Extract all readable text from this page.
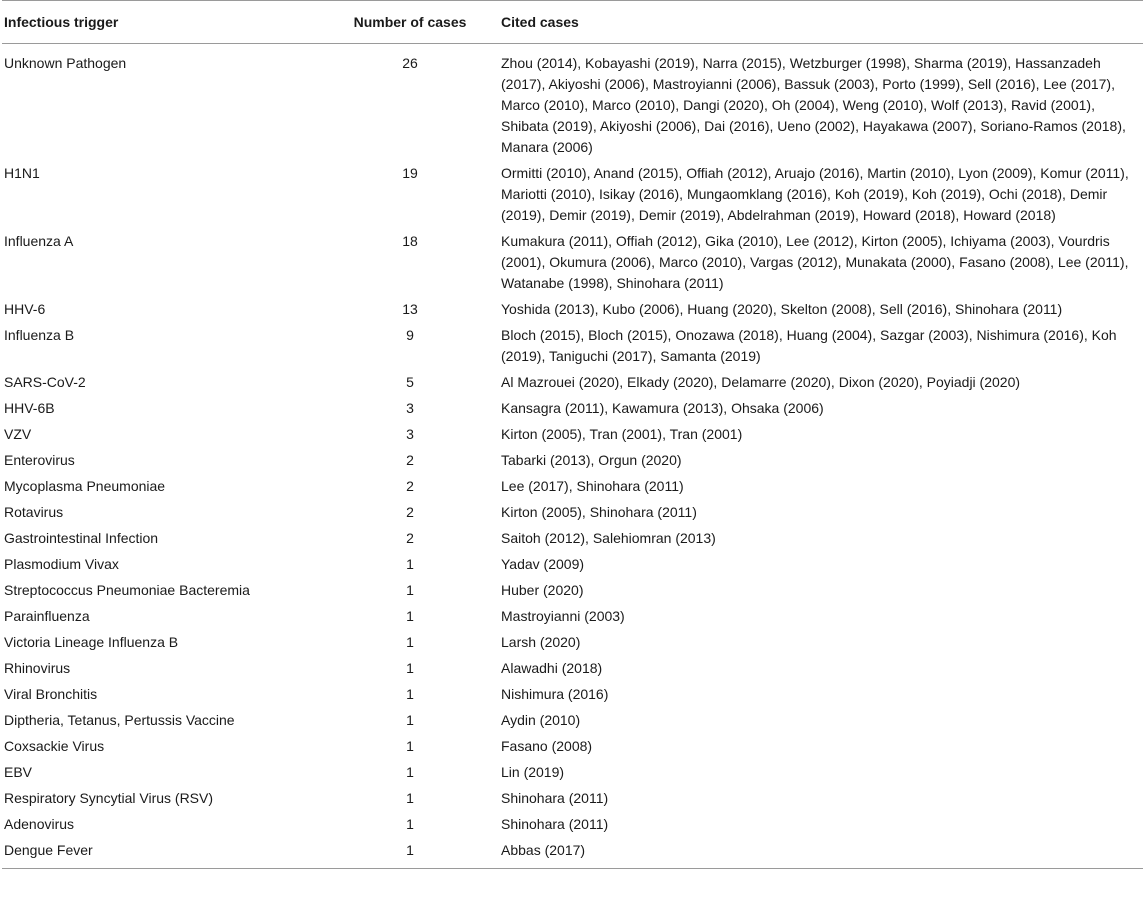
Infectious trigger	Number of cases	Cited cases
Unknown Pathogen	26	Zhou (2014), Kobayashi (2019), Narra (2015), Wetzburger (1998), Sharma (2019), Hassanzadeh (2017), Akiyoshi (2006), Mastroyianni (2006), Bassuk (2003), Porto (1999), Sell (2016), Lee (2017), Marco (2010), Marco (2010), Dangi (2020), Oh (2004), Weng (2010), Wolf (2013), Ravid (2001), Shibata (2019), Akiyoshi (2006), Dai (2016), Ueno (2002), Hayakawa (2007), Soriano-Ramos (2018), Manara (2006)
H1N1	19	Ormitti (2010), Anand (2015), Offiah (2012), Aruajo (2016), Martin (2010), Lyon (2009), Komur (2011), Mariotti (2010), Isikay (2016), Mungaomklang (2016), Koh (2019), Koh (2019), Ochi (2018), Demir (2019), Demir (2019), Demir (2019), Abdelrahman (2019), Howard (2018), Howard (2018)
Influenza A	18	Kumakura (2011), Offiah (2012), Gika (2010), Lee (2012), Kirton (2005), Ichiyama (2003), Vourdris (2001), Okumura (2006), Marco (2010), Vargas (2012), Munakata (2000), Fasano (2008), Lee (2011), Watanabe (1998), Shinohara (2011)
HHV-6	13	Yoshida (2013), Kubo (2006), Huang (2020), Skelton (2008), Sell (2016), Shinohara (2011)
Influenza B	9	Bloch (2015), Bloch (2015), Onozawa (2018), Huang (2004), Sazgar (2003), Nishimura (2016), Koh (2019), Taniguchi (2017), Samanta (2019)
SARS-CoV-2	5	Al Mazrouei (2020), Elkady (2020), Delamarre (2020), Dixon (2020), Poyiadji (2020)
HHV-6B	3	Kansagra (2011), Kawamura (2013), Ohsaka (2006)
VZV	3	Kirton (2005), Tran (2001), Tran (2001)
Enterovirus	2	Tabarki (2013), Orgun (2020)
Mycoplasma Pneumoniae	2	Lee (2017), Shinohara (2011)
Rotavirus	2	Kirton (2005), Shinohara (2011)
Gastrointestinal Infection	2	Saitoh (2012), Salehiomran (2013)
Plasmodium Vivax	1	Yadav (2009)
Streptococcus Pneumoniae Bacteremia	1	Huber (2020)
Parainfluenza	1	Mastroyianni (2003)
Victoria Lineage Influenza B	1	Larsh (2020)
Rhinovirus	1	Alawadhi (2018)
Viral Bronchitis	1	Nishimura (2016)
Diptheria, Tetanus, Pertussis Vaccine	1	Aydin (2010)
Coxsackie Virus	1	Fasano (2008)
EBV	1	Lin (2019)
Respiratory Syncytial Virus (RSV)	1	Shinohara (2011)
Adenovirus	1	Shinohara (2011)
Dengue Fever	1	Abbas (2017)
